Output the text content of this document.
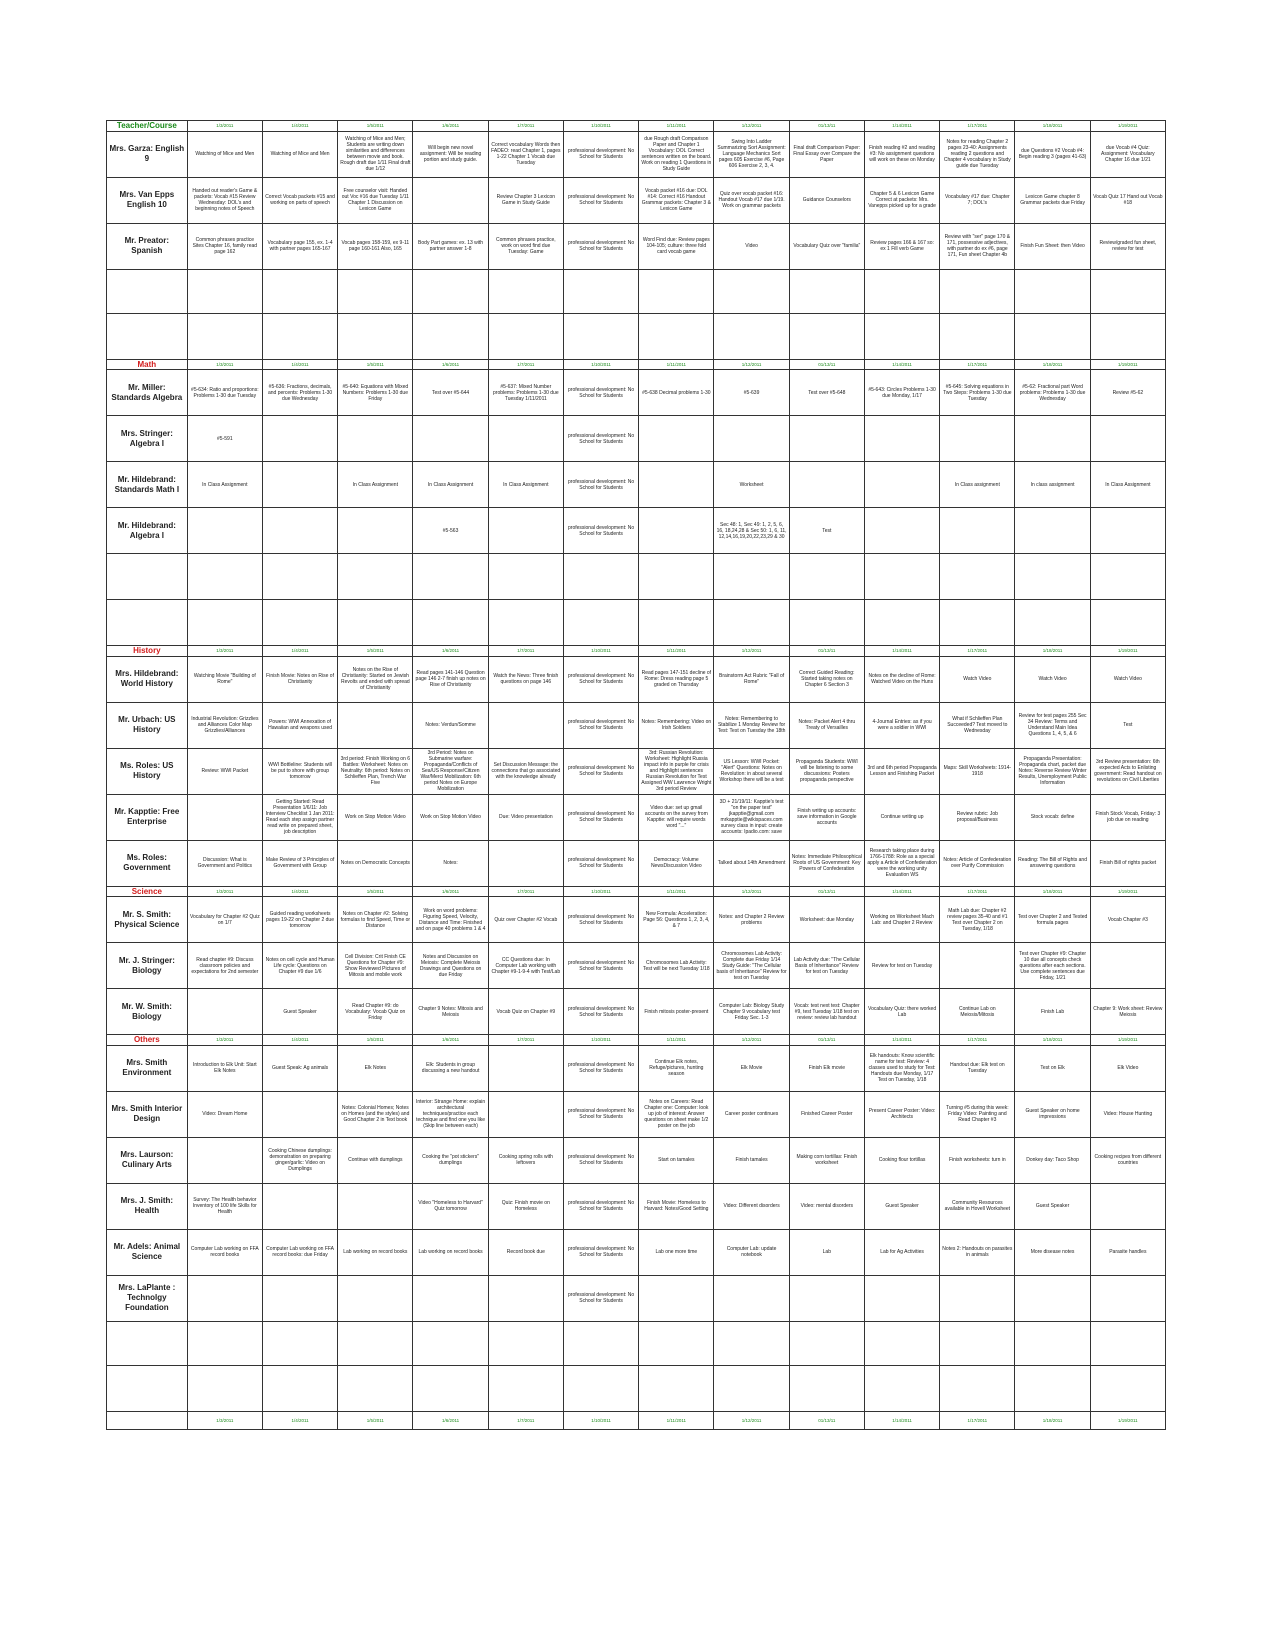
Teacher/Course	1/3/2011	1/4/2011	1/5/2011	1/6/2011	1/7/2011	1/10/2011	1/11/2011	1/12/2011	01/13/11	1/14/2011	1/17/2011	1/18/2011	1/19/2011
Mrs. Garza: English 9	Watching of Mice and Men	Watching of Mice and Men	Watching of Mice and Men; Students are writing down similarities and differences between movie and book. Rough draft due 1/11 Final draft due 1/12	Will begin new novel assignment: Will be reading portion and study guide.	Correct vocabulary Words then FADEO: read Chapter 1, pages 1-22 Chapter 1 Vocab due Tuesday	professional development: No School for Students	due Rough draft Comparison Paper and Chapter 1 Vocabulary: DOL Correct sentences written on the board. Work on reading 1 Questions in Study Guide	Swing Into Ladder Summarizing Sort Assignment: Language Mechanics Sort pages 605 Exercise #6, Page 606 Exercise 2, 3, 4.	Final draft Comparison Paper: Final Essay over Compare the Paper	Finish reading #2 and reading #3: No assignment questions will work on these on Monday	Notes for reading Chapter 2 pages 23-40: Assignments reading 2 questions and Chapter 4 vocabulary in Study guide due Tuesday	due Questions #2 Vocab #4: Begin reading 3 (pages 41-63)	due Vocab #4 Quiz: Assignment: Vocabulary Chapter 16 due 1/21
Mrs. Van Epps English 10	Handed out reader's Game & packets: Vocab #15 Review Wednesday: DOL's and beginning notes of Speech	Correct Vocab packets #15 and working on parts of speech	Free counselor visit: Handed out Voc #16 due Tuesday 1/11 Chapter 1 Discussion on Lexicon Game		Review Chapter 3 Lexicon Game in Study Guide	professional development: No School for Students	Vocab packet #16 due: DOL #14: Correct #16 Handout Grammar packets: Chapter 3 & Lexicon Game	Quiz over vocab packet #16: Handout Vocab #17 due 1/19. Work on grammar packets	Guidance Counselors	Chapter 5 & 6 Lexicon Game Correct at packets: Mrs. Vanepps picked up for a grade	Vocabulary #17 due: Chapter 7; DOL's	Lexicon Game chapter 8 Grammar packets due Friday	Vocab Quiz 17 Hand out Vocab #18
Mr. Preator: Spanish	Common phrases practice Sites Chapter 16, family read page 162	Vocabulary page 155, ex. 1-4 with partner pages 165-167	Vocab pages 158-159, ex 9-11 page 160-161 Also, 165	Body Part games: ex. 13 with partner answer 1-8	Common phrases practice, work on word find due Tuesday: Game	professional development: No School for Students	Word Find due: Review pages 104-105; culture: three fold card vocab game	Video	Vocabulary Quiz over "familia"	Review pages 166 & 167 so: ex 1 Fill verb Game	Review with "ser" page 170 & 171, possessive adjectives, with partner do ex #6, page 171, Fun sheet Chapter 4b	Finish Fun Sheet: then Video	Review/graded fun sheet, review for test

Math	1/3/2011	1/4/2011	1/5/2011	1/6/2011	1/7/2011	1/10/2011	1/11/2011	1/12/2011	01/13/11	1/14/2011	1/17/2011	1/18/2011	1/19/2011
Mr. Miller: Standards Algebra	#5-634: Ratio and proportions: Problems 1-30 due Tuesday	#5-636: Fractions, decimals, and percents: Problems 1-30 due Wednesday	#5-640: Equations with Mixed Numbers: Problems 1-30 due Friday	Test over #5-644	#5-637: Mixed Number problems: Problems 1-30 due Tuesday 1/11/2011	professional development: No School for Students	#5-638 Decimal problems 1-30	#5-639	Test over #5-648	#5-643: Circles Problems 1-30 due Monday, 1/17	#5-645: Solving equations in Two Steps: Problems 1-30 due Tuesday	#5-62: Fractional part Word problems: Problems 1-30 due Wednesday	Review #5-62
Mrs. Stringer: Algebra I	#5-591					professional development: No School for Students							
Mr. Hildebrand: Standards Math I	In Class Assignment		In Class Assignment	In Class Assignment	In Class Assignment	professional development: No School for Students		Worksheet			In Class assignment	In class assignment	In Class Assignment
Mr. Hildebrand: Algebra I				#5-563		professional development: No School for Students		Sec 48: 1, Sec 49: 1, 2, 5, 6, 16, 18,24,28 & Sec 50: 1, 6, 11, 12,14,16,19,20,22,23,29 & 30	Test				

History	1/3/2011	1/4/2011	1/5/2011	1/6/2011	1/7/2011	1/10/2011	1/11/2011	1/12/2011	01/13/11	1/14/2011	1/17/2011	1/18/2011	1/19/2011
Mrs. Hildebrand: World History	Watching Movie "Building of Rome"	Finish Movie: Notes on Rise of Christianity	Notes on the Rise of Christianity: Started on Jewish Revolts and ended with spread of Christianity	Read pages 141-146 Question page 146 2-7 finish up notes on Rise of Christianity	Watch the News: Three finish questions on page 146	professional development: No School for Students	Read pages 147-151 decline of Rome: Dress reading page 5 graded on Thursday	Brainstorm Act Rubric "Fall of Rome"	Correct Guided Reading: Started taking notes on Chapter 6 Section 3	Notes on the decline of Rome: Watched Video on the Huns	Watch Video	Watch Video	Watch Video
Mr. Urbach: US History	Industrial Revolution: Grizzlies and Alliances Color Map Grizzlies/Alliances	Powers: WWI Annexation of Hawaiian and weapons used		Notes: Verdun/Somme		professional development: No School for Students	Notes: Remembering: Video on Irish Soldiers	Notes: Remembering to Stabilize 1 Monday Review for Test: Test on Tuesday the 18th	Notes: Packet Alert 4 thru Treaty of Versailles	4-Journal Entries: as if you were a soldier in WWI	What if Schlieffen Plan Succeeded? Test moved to Wednesday	Review for test pages 255 Sec 34 Review: Terms and Understand Main Idea Questions 1, 4, 5, & 6	Test
Ms. Roles: US History	Review: WWI Packet	WWI Bottleline: Students will be put to shore with group tomorrow	3rd period: Finish Working on 6 Battles: Worksheet: Notes on Neutrality: 6th period: Notes on Schlieffen Plan, Trench War Five	3rd Period: Notes on Submarine warfare: Propaganda/Conflicts of Sea/US Response/Citizen War/Merci Mobilization: 6th period Notes on Europe Mobilization	Set Discussion Message: the connections that go associated with the knowledge already	professional development: No School for Students	3rd: Russian Revolution: Worksheet: Highlight Russia impact info in purple for crisis and Highlight sentences Russian Revolution for Test Assigned WW Lawrence Wright 3rd period Review	US Lesson: WWI Pocket: "Alert" Questions: Notes on Revolution: in about several Workshop there will be a test	Propaganda Students: WWI will be listening to some discussions: Posters propaganda perspective	3rd and 6th period Propaganda Lesson and Finishing Packet	Maps: Skill Worksheets: 1914-1918	Propaganda Presentation: Propaganda chart, packet due Notes: Reverse Review Winter Results, Unemployment Public Information	3rd Review presentation: 6th expected Acts to Enlisting government: Read handout on revolutions on Civil Liberties
Mr. Kapptie: Free Enterprise		Getting Started: Read Presentation 1/6/11: Job Interview Checklist 1 Jan 2011: Read each step assign partner read write on prepared sheet, job description	Work on Stop Motion Video	Work on Stop Motion Video	Due: Video presentation	professional development: No School for Students	Video due: set up gmail accounts on the survey from Kapptie: will require words word "..."	3D + 21/19/11: Kapptie's test "on the paper test" jkapptie@gmail.com mrkapptie@wikispaces.com survey class in input: create accounts: Ipadio.com: save	Finish writing up accounts: save information in Google accounts	Continue writing up	Review rubric: Job proposal/Business	Stock vocab: define	Finish Stock Vocab, Friday: 3 job due on reading
Ms. Roles: Government	Discussion: What is Government and Politics	Make Review of 3 Principles of Government with Group	Notes on Democratic Concepts	Notes:		professional development: No School for Students	Democracy: Volume NewsDiscussion Video	Talked about 14th Amendment	Notes: Immediate Philosophical Roots of US Government: Key Powers of Confederation	Research taking place during 1766-1788: Role as a special apply a Article of Confederation were the working unity Evaluation WS	Notes: Article of Confederation over Purify Commission	Reading: The Bill of Rights and answering questions	Finish Bill of rights packet
Science	1/3/2011	1/4/2011	1/5/2011	1/6/2011	1/7/2011	1/10/2011	1/11/2011	1/12/2011	01/13/11	1/14/2011	1/17/2011	1/18/2011	1/19/2011
Mr. S. Smith: Physical Science	Vocabulary for Chapter #2 Quiz on 1/7	Guided reading worksheets pages 19-22 on Chapter 2 due tomorrow	Notes on Chapter #2: Solving formulas to find Speed, Time or Distance	Work on word problems: Figuring Speed, Velocity, Distance and Time: Finished and on page 40 problems 1 & 4	Quiz over Chapter #2 Vocab	professional development: No School for Students	New Formula: Acceleration: Page 56: Questions 1, 2, 3, 4, & 7	Notes: and Chapter 2 Review problems	Worksheet: due Monday	Working on Worksheet Mach Lab: and Chapter 2 Review	Math Lab due: Chapter #2 review pages 35-40 and #1 Test over Chapter 2 on Tuesday, 1/18	Test over Chapter 2 and Tested formula pages	Vocab Chapter #3
Mr. J. Stringer: Biology	Read chapter #9: Discuss classroom policies and expectations for 2nd semester	Notes on cell cycle and Human Life cycle: Questions on Chapter #9 due 1/6	Cell Division: Crit Finish CE Questions for Chapter #9: Show Reviewed Pictures of Mitosis and mobile work	Notes and Discussion on Meiosis: Complete Meiosis Drawings and Questions on due Friday	CC Questions due: In Computer Lab working with Chapter #9-1-9-4 with Test/Lab	professional development: No School for Students	Chromosomes Lab Activity: Test will be next Tuesday 1/18	Chromosomes Lab Activity: Complete due Friday 1/14 Study Guide: "The Cellular basis of Inheritance" Review for test on Tuesday	Lab Activity due: "The Cellular Basis of Inheritance" Review for test on Tuesday	Review for test on Tuesday		Test over Chapter #9: Chapter 10 due all concepts check questions after each sections. Use complete sentences due Friday, 1/21	
Mr. W. Smith: Biology		Guest Speaker	Read Chapter #9: do Vocabulary: Vocab Quiz on Friday	Chapter 9 Notes: Mitosis and Meiosis	Vocab Quiz on Chapter #9	professional development: No School for Students	Finish mitosis poster-present	Computer Lab: Biology Study Chapter 9 vocabulary test Friday Sec. 1-3	Vocab: test next test: Chapter #9, test Tuesday 1/18 test on review: review lab handout	Vocabulary Quiz: there worked Lab	Continue Lab on Meiosis/Mitosis	Finish Lab	Chapter 9: Work sheet: Review Meiosis
Others	1/3/2011	1/4/2011	1/5/2011	1/6/2011	1/7/2011	1/10/2011	1/11/2011	1/12/2011	01/13/11	1/14/2011	1/17/2011	1/18/2011	1/19/2011
Mrs. Smith Environment	Introduction to Elk Unit: Start Elk Notes	Guest Speak: Ag animals	Elk Notes	Elk: Students in group discussing a new handout		professional development: No School for Students	Continue Elk notes, Refuge/pictures, hunting season	Elk Movie	Finish Elk movie	Elk handouts: Know scientific name for test: Review: 4 classes used to study for Test: Handouts due Monday, 1/17 Test on Tuesday, 1/18	Handout due: Elk test on Tuesday	Test on Elk	Elk Video
Mrs. Smith Interior Design	Video: Dream Home		Notes: Colonial Homes; Notes on Homes (and the styles) and Good Chapter 2 in Text book	Interior: Strange Home: explain architectural techniques/practice each technique and find one you like (Skip line between each)		professional development: No School for Students	Notes on Careers: Read Chapter one: Computer: look up job of interest: Answer questions on sheet make 1/2 poster on the job	Career poster continues	Finished Career Poster	Present Career Poster: Video: Architects	Turning #5 during this week: Friday Video: Painting and Read Chapter #3	Guest Speaker on home impressions	Video: House Hunting
Mrs. Laurson: Culinary Arts		Cooking Chinese dumplings: demonstration on preparing ginger/garlic: Video on Dumplings	Continue with dumplings	Cooking the "pot stickers" dumplings	Cooking spring rolls with leftovers	professional development: No School for Students	Start on tamales	Finish tamales	Making corn tortillas: Finish worksheet	Cooking flour tortillas	Finish worksheets: turn in	Donkey day: Taco Shop	Cooking recipes from different countries
Mrs. J. Smith: Health	Survey: The Health behavior Inventory of 100 life Skills for Health			Video "Homeless to Harvard" Quiz tomorrow	Quiz: Finish movie on Homeless	professional development: No School for Students	Finish Movie: Homeless to Harvard: Notes/Good Setting	Video: Different disorders	Video: mental disorders	Guest Speaker	Community Resources available in Hovell Worksheet	Guest Speaker	
Mr. Adels: Animal Science	Computer Lab working on FFA record books	Computer Lab working on FFA record books: due Friday	Lab working on record books	Lab working on record books	Record book due	professional development: No School for Students	Lab one more time	Computer Lab: update notebook	Lab	Lab for Ag Activities	Notes 2: Handouts on parasites in animals	More disease notes	Parasite handles
Mrs. LaPlante : Technolgy Foundation						professional development: No School for Students							

	1/3/2011	1/4/2011	1/5/2011	1/6/2011	1/7/2011	1/10/2011	1/11/2011	1/12/2011	01/13/11	1/14/2011	1/17/2011	1/18/2011	1/19/2011
